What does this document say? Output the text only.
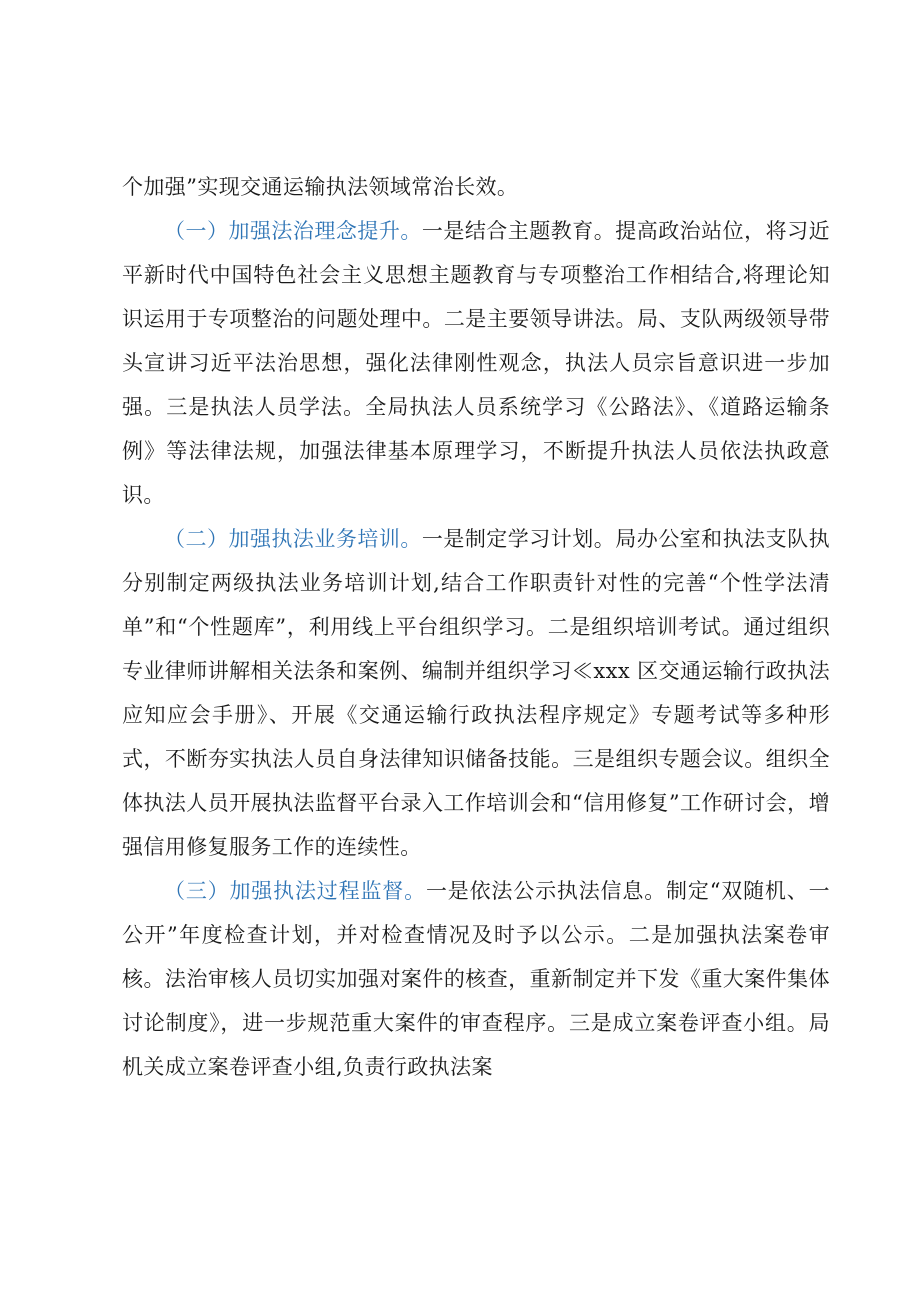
个加强”实现交通运输执法领域常治长效。

（一）加强法治理念提升。一是结合主题教育。提高政治站位，将习近平新时代中国特色社会主义思想主题教育与专项整治工作相结合,将理论知识运用于专项整治的问题处理中。二是主要领导讲法。局、支队两级领导带头宣讲习近平法治思想，强化法律刚性观念，执法人员宗旨意识进一步加强。三是执法人员学法。全局执法人员系统学习《公路法》、《道路运输条例》等法律法规，加强法律基本原理学习，不断提升执法人员依法执政意识。

（二）加强执法业务培训。一是制定学习计划。局办公室和执法支队执分别制定两级执法业务培训计划,结合工作职责针对性的完善“个性学法清单”和“个性题库”，利用线上平台组织学习。二是组织培训考试。通过组织专业律师讲解相关法条和案例、编制并组织学习≪xxx 区交通运输行政执法应知应会手册》、开展《交通运输行政执法程序规定》专题考试等多种形式，不断夯实执法人员自身法律知识储备技能。三是组织专题会议。组织全体执法人员开展执法监督平台录入工作培训会和“信用修复”工作研讨会，增强信用修复服务工作的连续性。

（三）加强执法过程监督。一是依法公示执法信息。制定“双随机、一公开”年度检查计划，并对检查情况及时予以公示。二是加强执法案卷审核。法治审核人员切实加强对案件的核查，重新制定并下发《重大案件集体讨论制度》，进一步规范重大案件的审查程序。三是成立案卷评查小组。局机关成立案卷评查小组,负责行政执法案
